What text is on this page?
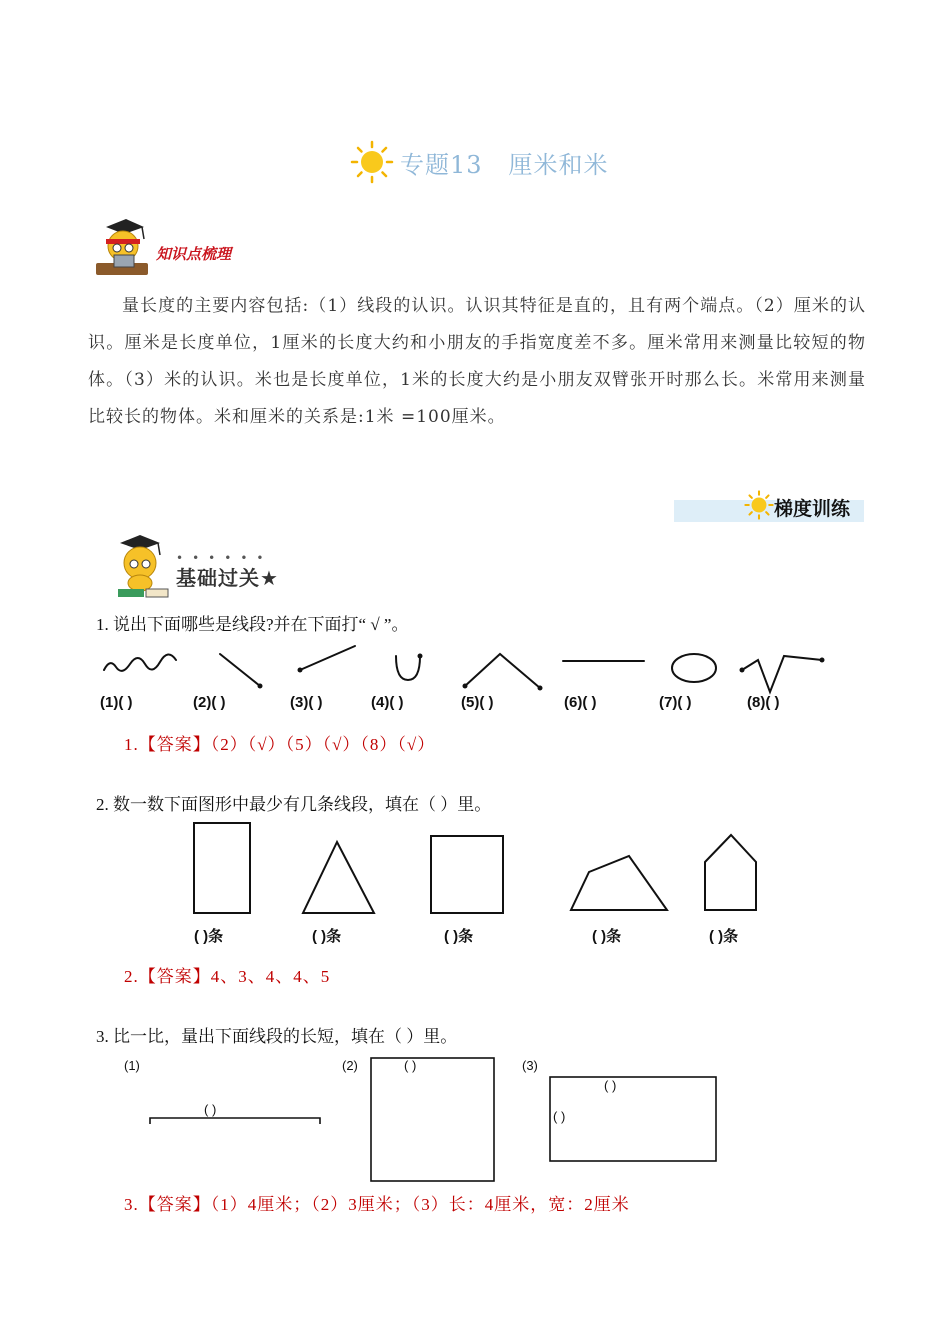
专题13 厘米和米
知识点梳理
量长度的主要内容包括:（1）线段的认识。认识其特征是直的，且有两个端点。（2）厘米的认识。厘米是长度单位，1厘米的长度大约和小朋友的手指宽度差不多。厘米常用来测量比较短的物体。（3）米的认识。米也是长度单位，1米的长度大约是小朋友双臂张开时那么长。米常用来测量比较长的物体。米和厘米的关系是:1米 =100厘米。
梯度训练
••••••
基础过关★
1. 说出下面哪些是线段?并在下面打“ √ ”。
(1)( )	(2)( )	(3)( )	(4)( )	(5)( )	(6)( )	(7)( )	(8)( )
1.【答案】（2）（√）（5）（√）（8）（√）
2. 数一数下面图形中最少有几条线段，填在（ ）里。
( )条	( )条	( )条	( )条	( )条
2.【答案】4、3、4、4、5
3. 比一比，量出下面线段的长短，填在（ ）里。
(1)	(2)	(3)
( )
( )
( )
( )
3.【答案】（1）4厘米；（2）3厘米；（3）长：4厘米，宽：2厘米
